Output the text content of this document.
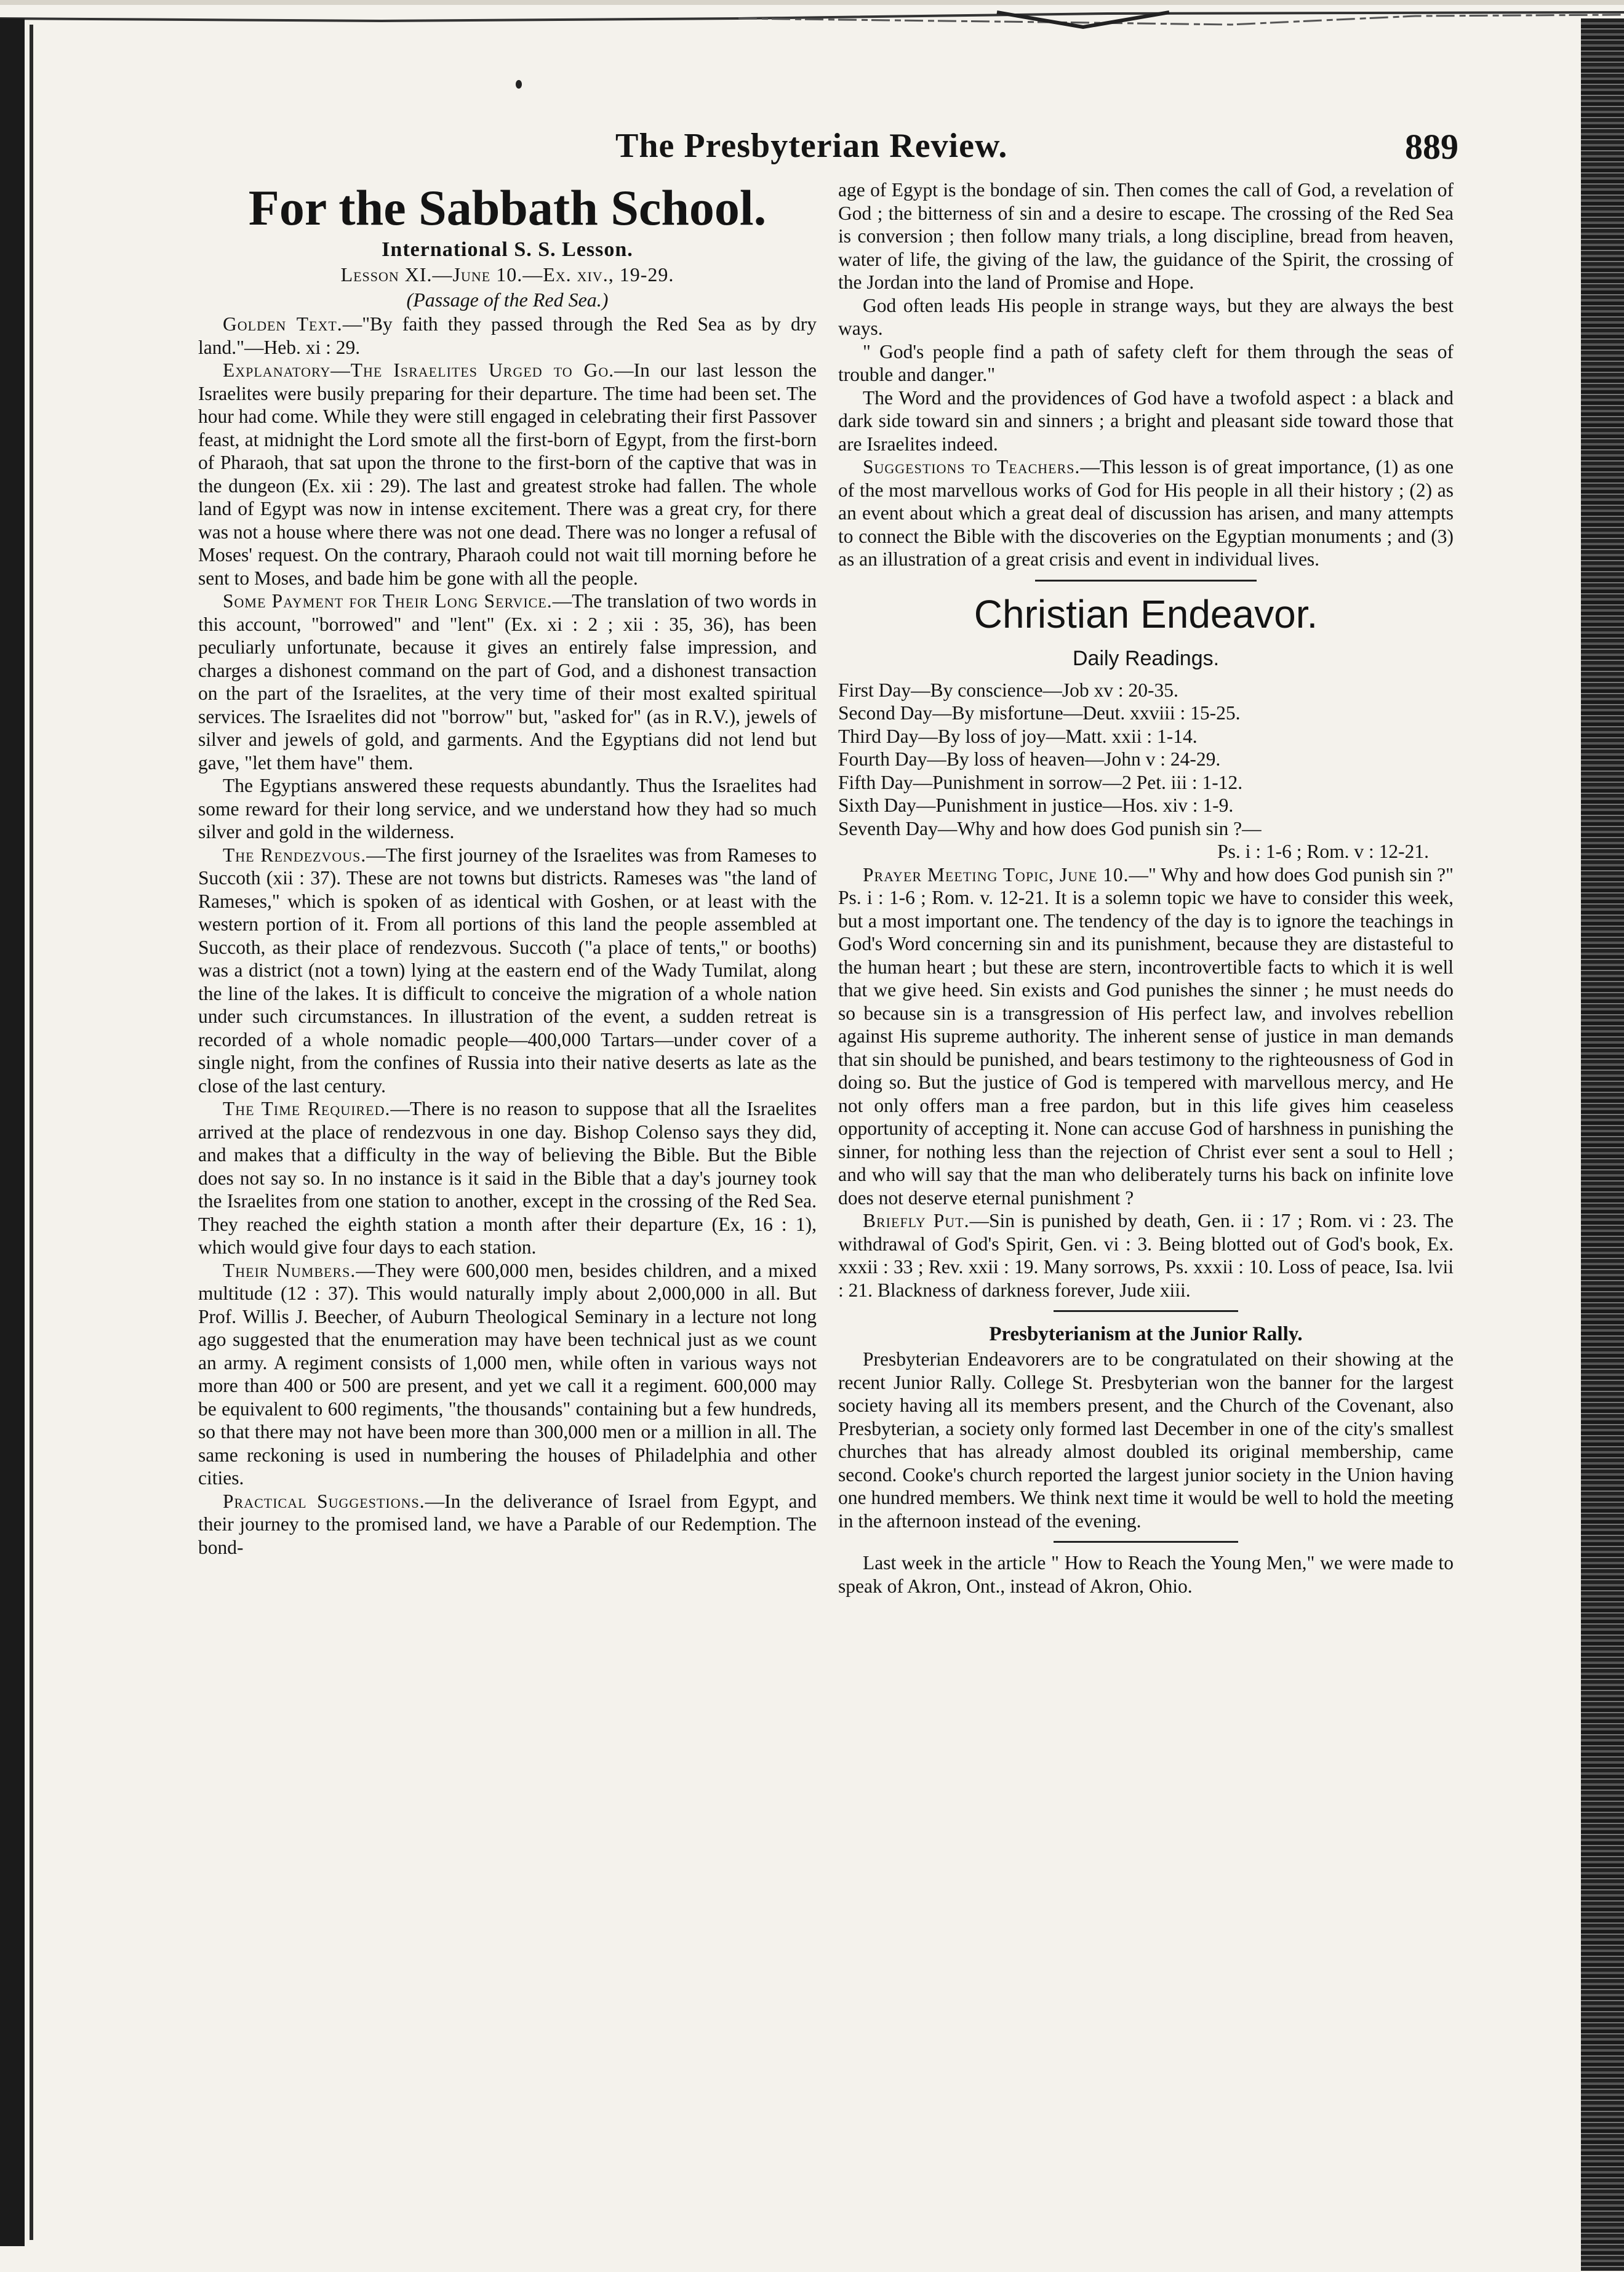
The Presbyterian Review.	889
For the Sabbath School.
International S. S. Lesson.
Lesson XI.—June 10.—Ex. xiv., 19-29.
(Passage of the Red Sea.)

Golden Text.—"By faith they passed through the Red Sea as by dry land."—Heb. xi : 29.

Explanatory—The Israelites Urged to Go.—In our last lesson the Israelites were busily preparing for their departure. The time had been set. The hour had come. While they were still engaged in celebrating their first Passover feast, at midnight the Lord smote all the first-born of Egypt, from the first-born of Pharaoh, that sat upon the throne to the first-born of the captive that was in the dungeon (Ex. xii : 29). The last and greatest stroke had fallen. The whole land of Egypt was now in intense excitement. There was a great cry, for there was not a house where there was not one dead. There was no longer a refusal of Moses' request. On the contrary, Pharaoh could not wait till morning before he sent to Moses, and bade him be gone with all the people.

Some Payment for Their Long Service.—The translation of two words in this account, "borrowed" and "lent" (Ex. xi : 2 ; xii : 35, 36), has been peculiarly unfortunate, because it gives an entirely false impression, and charges a dishonest command on the part of God, and a dishonest transaction on the part of the Israelites, at the very time of their most exalted spiritual services. The Israelites did not "borrow" but, "asked for" (as in R.V.), jewels of silver and jewels of gold, and garments. And the Egyptians did not lend but gave, "let them have" them.

The Egyptians answered these requests abundantly. Thus the Israelites had some reward for their long service, and we understand how they had so much silver and gold in the wilderness.

The Rendezvous.—The first journey of the Israelites was from Rameses to Succoth (xii : 37). These are not towns but districts. Rameses was "the land of Rameses," which is spoken of as identical with Goshen, or at least with the western portion of it. From all portions of this land the people assembled at Succoth, as their place of rendezvous. Succoth ("a place of tents," or booths) was a district (not a town) lying at the eastern end of the Wady Tumilat, along the line of the lakes. It is difficult to conceive the migration of a whole nation under such circumstances. In illustration of the event, a sudden retreat is recorded of a whole nomadic people—400,000 Tartars—under cover of a single night, from the confines of Russia into their native deserts as late as the close of the last century.

The Time Required.—There is no reason to suppose that all the Israelites arrived at the place of rendezvous in one day. Bishop Colenso says they did, and makes that a difficulty in the way of believing the Bible. But the Bible does not say so. In no instance is it said in the Bible that a day's journey took the Israelites from one station to another, except in the crossing of the Red Sea. They reached the eighth station a month after their departure (Ex, 16 : 1), which would give four days to each station.

Their Numbers.—They were 600,000 men, besides children, and a mixed multitude (12 : 37). This would naturally imply about 2,000,000 in all. But Prof. Willis J. Beecher, of Auburn Theological Seminary in a lecture not long ago suggested that the enumeration may have been technical just as we count an army. A regiment consists of 1,000 men, while often in various ways not more than 400 or 500 are present, and yet we call it a regiment. 600,000 may be equivalent to 600 regiments, "the thousands" containing but a few hundreds, so that there may not have been more than 300,000 men or a million in all. The same reckoning is used in numbering the houses of Philadelphia and other cities.

Practical Suggestions.—In the deliverance of Israel from Egypt, and their journey to the promised land, we have a Parable of our Redemption. The bond-

age of Egypt is the bondage of sin. Then comes the call of God, a revelation of God ; the bitterness of sin and a desire to escape. The crossing of the Red Sea is conversion ; then follow many trials, a long discipline, bread from heaven, water of life, the giving of the law, the guidance of the Spirit, the crossing of the Jordan into the land of Promise and Hope.

God often leads His people in strange ways, but they are always the best ways.

" God's people find a path of safety cleft for them through the seas of trouble and danger."

The Word and the providences of God have a twofold aspect : a black and dark side toward sin and sinners ; a bright and pleasant side toward those that are Israelites indeed.

Suggestions to Teachers.—This lesson is of great importance, (1) as one of the most marvellous works of God for His people in all their history ; (2) as an event about which a great deal of discussion has arisen, and many attempts to connect the Bible with the discoveries on the Egyptian monuments ; and (3) as an illustration of a great crisis and event in individual lives.

Christian Endeavor.
Daily Readings.
First Day—By conscience—Job xv : 20-35.
Second Day—By misfortune—Deut. xxviii : 15-25.
Third Day—By loss of joy—Matt. xxii : 1-14.
Fourth Day—By loss of heaven—John v : 24-29.
Fifth Day—Punishment in sorrow—2 Pet. iii : 1-12.
Sixth Day—Punishment in justice—Hos. xiv : 1-9.
Seventh Day—Why and how does God punish sin ?—
Ps. i : 1-6 ; Rom. v : 12-21.

Prayer Meeting Topic, June 10.—" Why and how does God punish sin ?" Ps. i : 1-6 ; Rom. v. 12-21. It is a solemn topic we have to consider this week, but a most important one. The tendency of the day is to ignore the teachings in God's Word concerning sin and its punishment, because they are distasteful to the human heart ; but these are stern, incontrovertible facts to which it is well that we give heed. Sin exists and God punishes the sinner ; he must needs do so because sin is a transgression of His perfect law, and involves rebellion against His supreme authority. The inherent sense of justice in man demands that sin should be punished, and bears testimony to the righteousness of God in doing so. But the justice of God is tempered with marvellous mercy, and He not only offers man a free pardon, but in this life gives him ceaseless opportunity of accepting it. None can accuse God of harshness in punishing the sinner, for nothing less than the rejection of Christ ever sent a soul to Hell ; and who will say that the man who deliberately turns his back on infinite love does not deserve eternal punishment ?

Briefly Put.—Sin is punished by death, Gen. ii : 17 ; Rom. vi : 23. The withdrawal of God's Spirit, Gen. vi : 3. Being blotted out of God's book, Ex. xxxii : 33 ; Rev. xxii : 19. Many sorrows, Ps. xxxii : 10. Loss of peace, Isa. lvii : 21. Blackness of darkness forever, Jude xiii.

Presbyterianism at the Junior Rally.

Presbyterian Endeavorers are to be congratulated on their showing at the recent Junior Rally. College St. Presbyterian won the banner for the largest society having all its members present, and the Church of the Covenant, also Presbyterian, a society only formed last December in one of the city's smallest churches that has already almost doubled its original membership, came second. Cooke's church reported the largest junior society in the Union having one hundred members. We think next time it would be well to hold the meeting in the afternoon instead of the evening.

Last week in the article " How to Reach the Young Men," we were made to speak of Akron, Ont., instead of Akron, Ohio.
